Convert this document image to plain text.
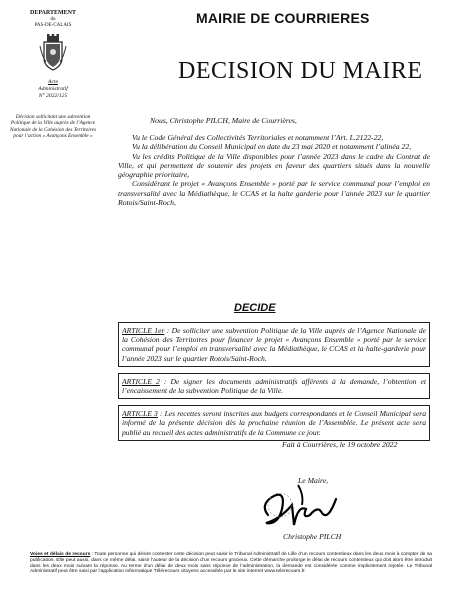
DEPARTEMENT
du
PAS-DE-CALAIS
Acte
Administratif
N° 2022/125
Décision sollicitant une subvention Politique de la Ville auprès de l’Agence Nationale de la Cohésion des Territoires pour l’action « Avançons Ensemble »
MAIRIE DE COURRIERES
DECISION DU MAIRE
Nous, Christophe PILCH, Maire de Courrières,
Vu le Code Général des Collectivités Territoriales et notamment l’Art. L.2122-22,
Vu la délibération du Conseil Municipal en date du 23 mai 2020 et notamment l’alinéa 22,
Vu les crédits Politique de la Ville disponibles pour l’année 2023 dans le cadre du Contrat de Ville, et qui permettent de soutenir des projets en faveur des quartiers situés dans la nouvelle géographie prioritaire,
Considérant le projet « Avançons Ensemble » porté par le service communal pour l’emploi en transversalité avec la Médiathèque, le CCAS et la halte garderie pour l’année 2023 sur le quartier Rotois/Saint-Roch,
DECIDE
ARTICLE 1er : De solliciter une subvention Politique de la Ville auprès de l’Agence Nationale de la Cohésion des Territoires pour financer le projet « Avançons Ensemble » porté par le service communal pour l’emploi en transversalité avec la Médiathèque, le CCAS et la halte-garderie pour l’année 2023 sur le quartier Rotois/Saint-Roch.
ARTICLE 2 : De signer les documents administratifs afférents à la demande, l’obtention et l’encaissement de la subvention Politique de la Ville.
ARTICLE 3 : Les recettes seront inscrites aux budgets correspondants et le Conseil Municipal sera informé de la présente décision dès la prochaine réunion de l’Assemblée. Le présent acte sera publié au recueil des actes administratifs de la Commune ce jour.
Fait à Courrières, le 19 octobre 2022
Le Maire,
Christophe PILCH
Voies et délais de recours : Toute personne qui désire contester cette décision peut saisir le Tribunal Administratif de Lille d’un recours contentieux dans les deux mois à compter de sa publication. Elle peut aussi, dans ce même délai, saisir l’auteur de la décision d’un recours gracieux. Cette démarche prolonge le délai de recours contentieux qui doit alors être introduit dans les deux mois suivant la réponse. Au terme d’un délai de deux mois sans réponse de l’administration, la demande est considérée comme implicitement rejetée. Le Tribunal Administratif peut être saisi par l’application informatique Télérecours citoyens accessible par le site internet www.telerecours.fr.
